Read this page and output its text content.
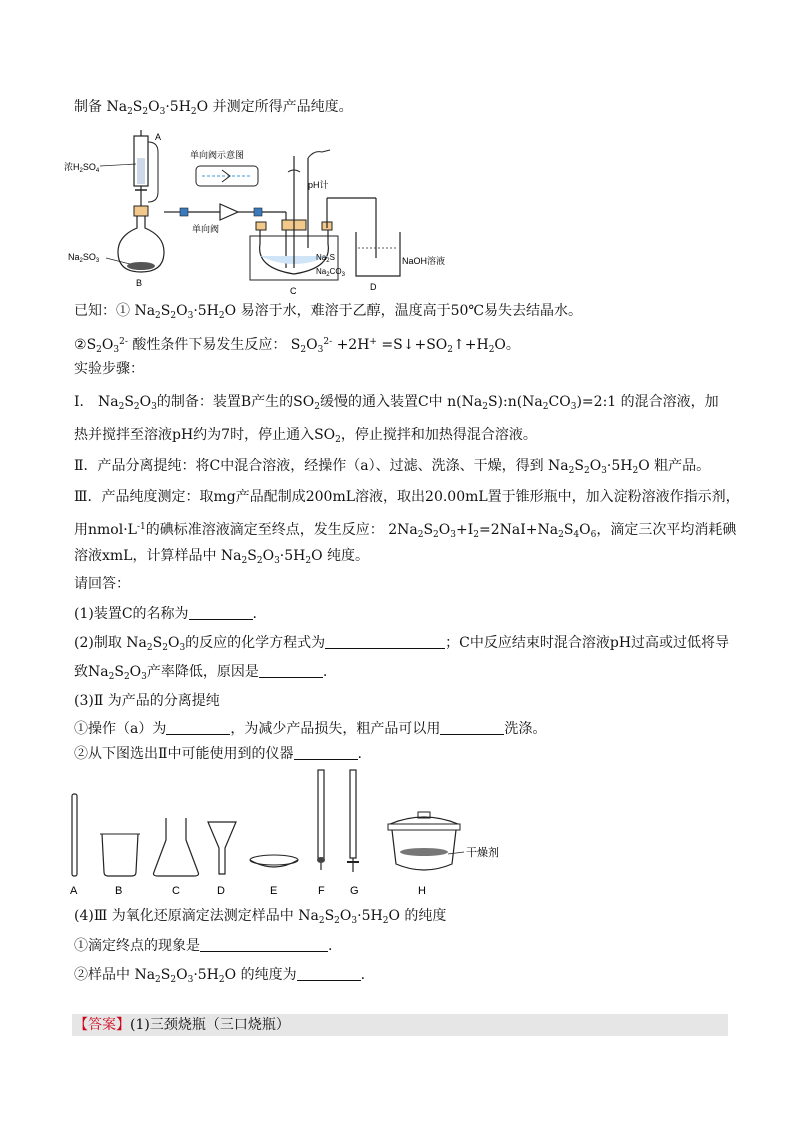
制备 $Na_2S_2O_3\cdot 5H_2O$ 并测定所得产品纯度。
A
浓$H_2SO_4$
$Na_2SO_3$
B
单向阀
单向阀示意图
pH计
$Na_2S$
$Na_2CO_3$
C
NaOH溶液
D
已知：① $Na_2S_2O_3\cdot 5H_2O$ 易溶于水，难溶于乙醇，温度高于50℃易失去结晶水。
$②S_2O_3^{2-}$ 酸性条件下易发生反应： $S_2O_3^{2-} +2H^+$ $=S↓+SO_2↑+H_2O$。
实验步骤：
Ⅰ． $Na_2S_2O_3$的制备：装置B产生的$SO_2$缓慢的通入装置C中 $n(Na_2S):n(Na_2CO_3)=2:1$ 的混合溶液，加
热并搅拌至溶液pH约为7时，停止通入$SO_2$，停止搅拌和加热得混合溶液。
Ⅱ．产品分离提纯：将C中混合溶液，经操作（a）、过滤、洗涤、干燥，得到 $Na_2S_2O_3\cdot 5H_2O$ 粗产品。
Ⅲ．产品纯度测定：取mg产品配制成200mL溶液，取出20.00mL置于锥形瓶中，加入淀粉溶液作指示剂，
用$nmol\cdot L^{-1}$的碘标准溶液滴定至终点，发生反应： $2Na_2S_2O_3+I_2=2NaI+Na_2S_4O_6$，滴定三次平均消耗碘
溶液xmL，计算样品中 $Na_2S_2O_3\cdot 5H_2O$ 纯度。
请回答：
(1)装置C的名称为	.
(2)制取 $Na_2S_2O_3$的反应的化学方程式为	；C中反应结束时混合溶液pH过高或过低将导
致$Na_2S_2O_3$产率降低，原因是	.
(3)Ⅱ 为产品的分离提纯
①操作（a）为	，为减少产品损失，粗产品可以用	洗涤。
②从下图选出Ⅱ中可能使用到的仪器	.
干燥剂
A	B	C	D	E	F G	H
(4)Ⅲ 为氧化还原滴定法测定样品中 $Na_2S_2O_3\cdot 5H_2O$ 的纯度
①滴定终点的现象是	.
②样品中 $Na_2S_2O_3\cdot 5H_2O$ 的纯度为	.
【答案】(1)三颈烧瓶（三口烧瓶）
